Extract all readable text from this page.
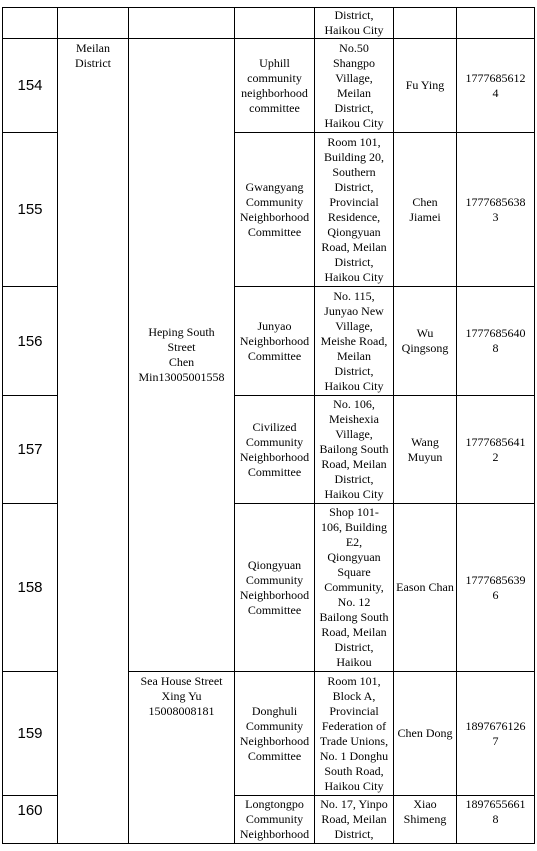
District,
Haikou City
Meilan
District
Heping South
Street
Chen
Min13005001558
Sea House Street
Xing Yu
15008008181
154
Uphill
community
neighborhood
committee
No.50
Shangpo
Village,
Meilan
District,
Haikou City
Fu Ying
1777685612
4
155
Gwangyang
Community
Neighborhood
Committee
Room 101,
Building 20,
Southern
District,
Provincial
Residence,
Qiongyuan
Road, Meilan
District,
Haikou City
Chen
Jiamei
1777685638
3
156
Junyao
Neighborhood
Committee
No. 115,
Junyao New
Village,
Meishe Road,
Meilan
District,
Haikou City
Wu
Qingsong
1777685640
8
157
Civilized
Community
Neighborhood
Committee
No. 106,
Meishexia
Village,
Bailong South
Road, Meilan
District,
Haikou City
Wang
Muyun
1777685641
2
158
Qiongyuan
Community
Neighborhood
Committee
Shop 101-
106, Building
E2,
Qiongyuan
Square
Community,
No. 12
Bailong South
Road, Meilan
District,
Haikou
Eason Chan
1777685639
6
159
Donghuli
Community
Neighborhood
Committee
Room 101,
Block A,
Provincial
Federation of
Trade Unions,
No. 1 Donghu
South Road,
Haikou City
Chen Dong
1897676126
7
160	Longtongpo
Community
Neighborhood
No. 17, Yinpo
Road, Meilan
District,
Xiao
Shimeng
1897655661
8
